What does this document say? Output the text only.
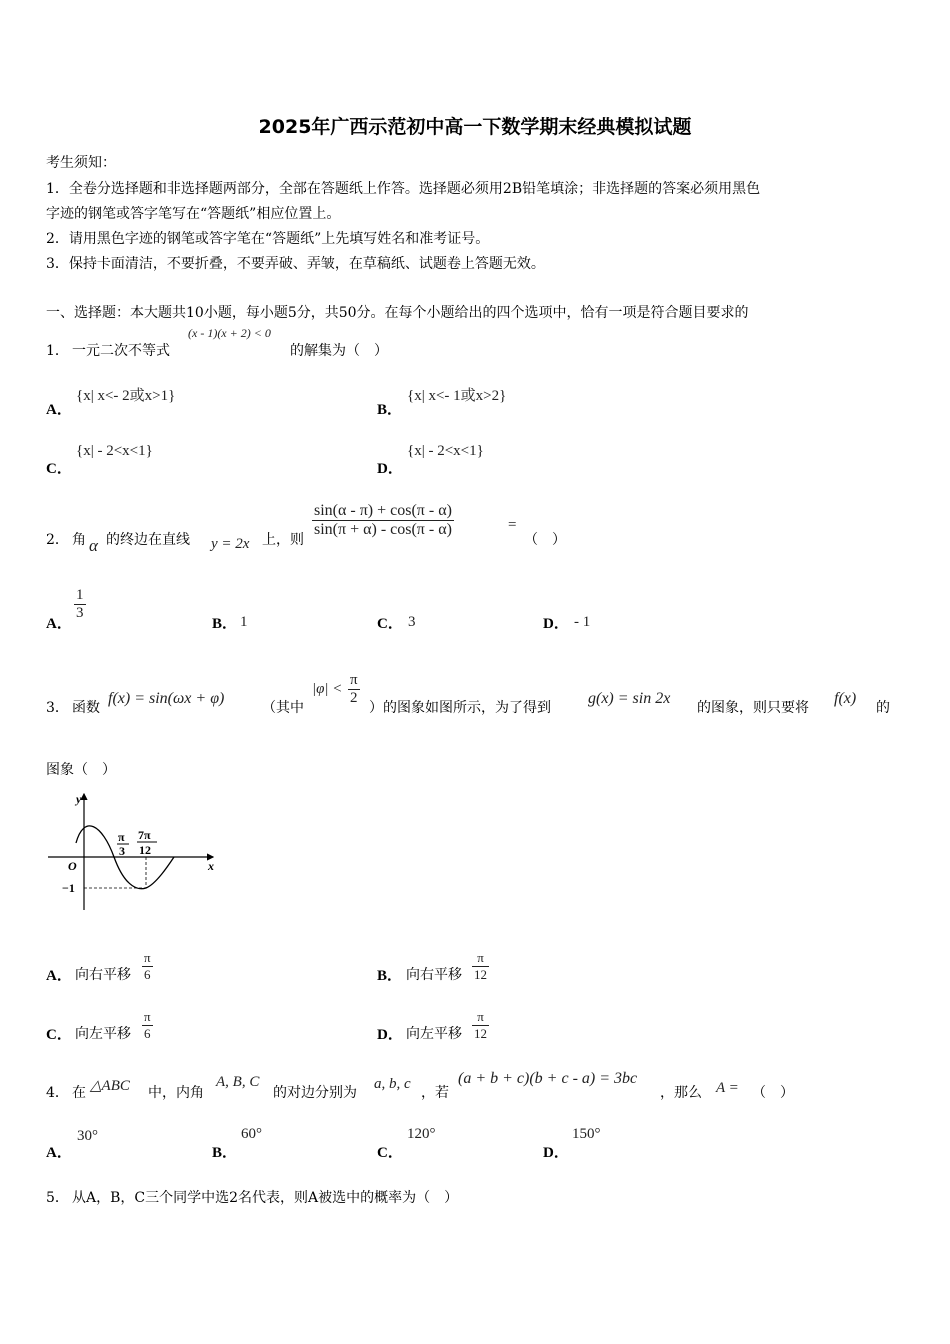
2025年广西示范初中高一下数学期末经典模拟试题
考生须知：
1．全卷分选择题和非选择题两部分，全部在答题纸上作答。选择题必须用2B铅笔填涂；非选择题的答案必须用黑色
字迹的钢笔或答字笔写在“答题纸”相应位置上。
2．请用黑色字迹的钢笔或答字笔在“答题纸”上先填写姓名和准考证号。
3．保持卡面清洁，不要折叠，不要弄破、弄皱，在草稿纸、试题卷上答题无效。
一、选择题：本大题共10小题，每小题5分，共50分。在每个小题给出的四个选项中，恰有一项是符合题目要求的
1． 一元二次不等式
(x - 1)(x + 2) < 0
的解集为（　）
A．
{x| x<- 2或x>1}
B．
{x| x<- 1或x>2}
C．
{x| - 2<x<1}
D．
{x| - 2<x<1}
2． 角 α 的终边在直线 y = 2x 上，则
$\frac{\sin(\alpha - \pi) + \cos(\pi - \alpha)}{\sin(\pi + \alpha) - \cos(\pi - \alpha)}$	=
（　）
A．
$\frac{1}{3}$
B． 1	C． 3	D． - 1
3． 函数
f(x) = sin(ωx + φ)
（其中
$|\varphi| < \frac{\pi}{2}$
）的图象如图所示，为了得到
g(x) = sin 2x
的图象，则只要将
f(x)
的
图象（　）
y
x
O
−1
π
3
7π
12
A． 向右平移 $\frac{\pi}{6}$	B． 向右平移 $\frac{\pi}{12}$
C． 向左平移 $\frac{\pi}{6}$	D． 向左平移 $\frac{\pi}{12}$
4． 在 △ABC 中，内角
A, B, C
的对边分别为
a, b, c
，若
(a + b + c)(b + c - a) = 3bc
，那么 A = （　）
A．
30°
B．
60°
C．
120°
D．
150°
5． 从A，B，C三个同学中选2名代表，则A被选中的概率为（　）
